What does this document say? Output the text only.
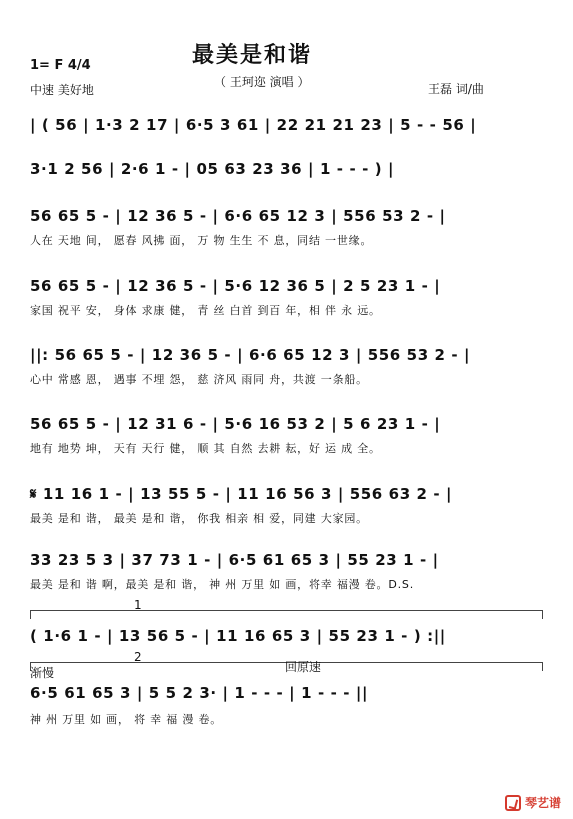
最美是和谐
（ 王珂迩 演唱 ）
1= F 4/4
中速 美好地	王磊 词/曲
| ( 56 | 1·3 2 17 | 6·5 3 61 | 22 21 21 23 | 5 - - 56 |
3·1 2 56 | 2·6 1 - | 05 63 23 36 | 1 - - - ) |
56 65 5 - | 12 36 5 - | 6·6 65 12 3 | 556 53 2 - |
人在 天地 间， 愿春 风拂 面， 万 物 生生 不 息，同结 一世缘。
56 65 5 - | 12 36 5 - | 5·6 12 36 5 | 2 5 23 1 - |
家国 祝平 安， 身体 求康 健， 青 丝 白首 到百 年，相 伴 永 远。
||: 56 65 5 - | 12 36 5 - | 6·6 65 12 3 | 556 53 2 - |
心中 常感 恩， 遇事 不埋 怨， 慈 济风 雨同 舟，共渡 一条船。
56 65 5 - | 12 31 6 - | 5·6 16 53 2 | 5 6 23 1 - |
地有 地势 坤， 天有 天行 健， 顺 其 自然 去耕 耘，好 运 成 全。
𝄋 11 16 1 - | 13 55 5 - | 11 16 56 3 | 556 63 2 - |
最美 是和 谐， 最美 是和 谐， 你我 相亲 相 爱，同建 大家园。
33 23 5 3 | 37 73 1 - | 6·5 61 65 3 | 55 23 1 - |
最美 是和 谐 啊，最美 是和 谐， 神 州 万里 如 画，将幸 福漫 卷。D.S.
1
( 1·6 1 - | 13 56 5 - | 11 16 65 3 | 55 23 1 - ) :||
2
渐慢	回原速
6·5 61 65 3 | 5 5 2 3· | 1 - - - | 1 - - - ||
神 州 万里 如 画， 将 幸 福 漫 卷。
琴艺谱
